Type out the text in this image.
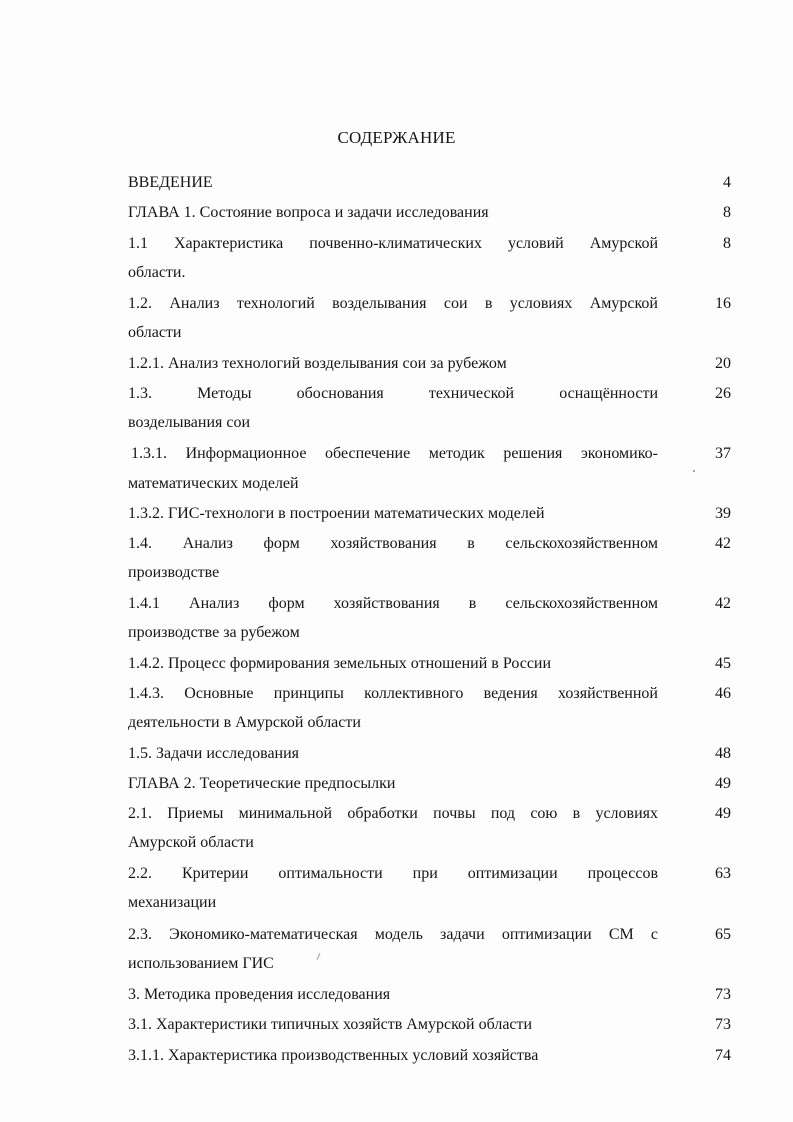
СОДЕРЖАНИЕ
ВВЕДЕНИЕ	4
ГЛАВА 1. Состояние вопроса и задачи исследования	8
1.1 Характеристика почвенно-климатических условий Амурской	8
области.
1.2. Анализ технологий возделывания сои в условиях Амурской	16
области
1.2.1. Анализ технологий возделывания сои за рубежом	20
1.3. Методы обоснования технической оснащённости	26
возделывания сои
1.3.1. Информационное обеспечение методик решения экономико-	37
математических моделей
1.3.2. ГИС-технологи в построении математических моделей	39
1.4. Анализ форм хозяйствования в сельскохозяйственном	42
производстве
1.4.1 Анализ форм хозяйствования в сельскохозяйственном	42
производстве за рубежом
1.4.2. Процесс формирования земельных отношений в России	45
1.4.3. Основные принципы коллективного ведения хозяйственной	46
деятельности в Амурской области
1.5. Задачи исследования	48
ГЛАВА 2. Теоретические предпосылки	49
2.1. Приемы минимальной обработки почвы под сою в условиях	49
Амурской области
2.2. Критерии оптимальности при оптимизации процессов	63
механизации
2.3. Экономико-математическая модель задачи оптимизации СМ с	65
использованием ГИС
3. Методика проведения исследования	73
3.1. Характеристики типичных хозяйств Амурской области	73
3.1.1. Характеристика производственных условий хозяйства	74
